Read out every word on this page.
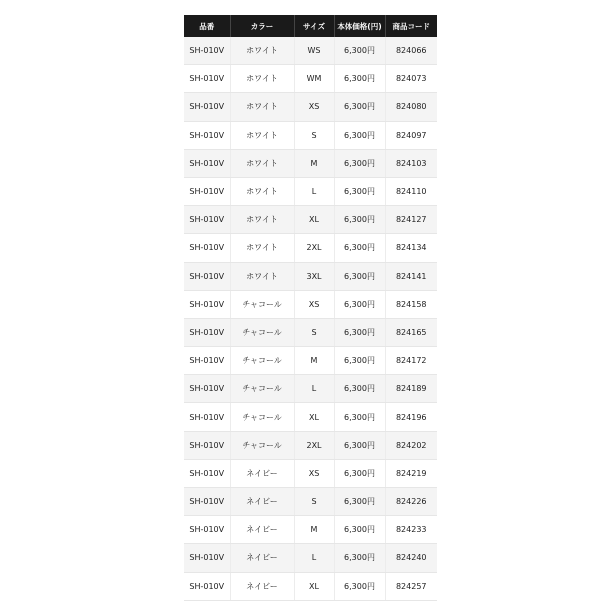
品番	カラー	サイズ	本体価格(円)	商品コード
SH-010V	ホワイト	WS	6,300円	824066
SH-010V	ホワイト	WM	6,300円	824073
SH-010V	ホワイト	XS	6,300円	824080
SH-010V	ホワイト	S	6,300円	824097
SH-010V	ホワイト	M	6,300円	824103
SH-010V	ホワイト	L	6,300円	824110
SH-010V	ホワイト	XL	6,300円	824127
SH-010V	ホワイト	2XL	6,300円	824134
SH-010V	ホワイト	3XL	6,300円	824141
SH-010V	チャコール	XS	6,300円	824158
SH-010V	チャコール	S	6,300円	824165
SH-010V	チャコール	M	6,300円	824172
SH-010V	チャコール	L	6,300円	824189
SH-010V	チャコール	XL	6,300円	824196
SH-010V	チャコール	2XL	6,300円	824202
SH-010V	ネイビー	XS	6,300円	824219
SH-010V	ネイビー	S	6,300円	824226
SH-010V	ネイビー	M	6,300円	824233
SH-010V	ネイビー	L	6,300円	824240
SH-010V	ネイビー	XL	6,300円	824257
